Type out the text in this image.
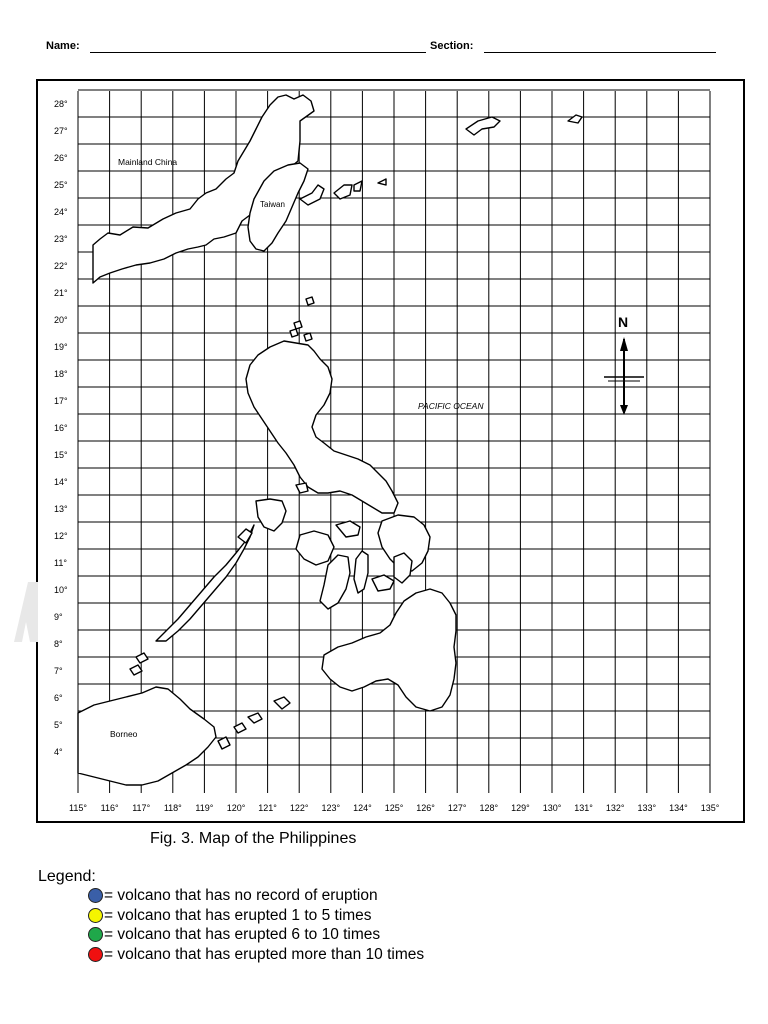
Name:	Section:
28°
27°
26°
25°
24°
23°
22°
21°
20°
19°
18°
17°
16°
15°
14°
13°
12°
11°
10°
9°
8°
7°
6°
5°
4°
115° 116° 117° 118° 119° 120° 121° 122° 123° 124° 125° 126° 127° 128° 129° 130° 131° 132° 133° 134° 135°
Mainland China
Taiwan
PACIFIC OCEAN
Borneo
N
Fig. 3. Map of the Philippines
Legend:
= volcano that has no record of eruption
= volcano that has erupted 1 to 5 times
= volcano that has erupted 6 to 10 times
= volcano that has erupted more than 10 times
